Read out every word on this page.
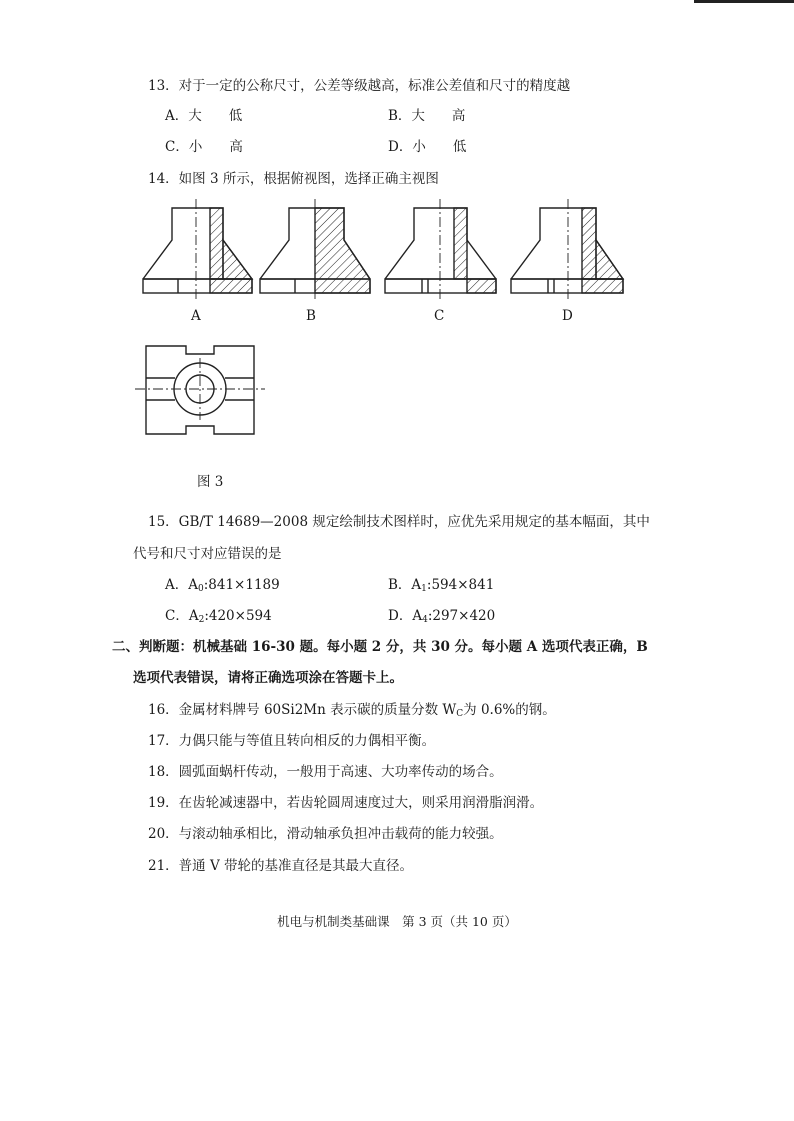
13．对于一定的公称尺寸，公差等级越高，标准公差值和尺寸的精度越
A．大　　低	B．大　　高
C．小　　高	D．小　　低
14．如图 3 所示，根据俯视图，选择正确主视图
A	B	C	D
图 3
15．GB/T 14689—2008 规定绘制技术图样时，应优先采用规定的基本幅面，其中
代号和尺寸对应错误的是
A．$A_0:841\times 1189$	B．$A_1:594\times 841$
C．$A_2:420\times 594$	D．$A_4:297\times 420$
二、判断题：机械基础 16-30 题。每小题 2 分，共 30 分。每小题 A 选项代表正确，B
选项代表错误，请将正确选项涂在答题卡上。
16．金属材料牌号 60Si2Mn 表示碳的质量分数 $W_C$为 0.6%的钢。
17．力偶只能与等值且转向相反的力偶相平衡。
18．圆弧面蜗杆传动，一般用于高速、大功率传动的场合。
19．在齿轮减速器中，若齿轮圆周速度过大，则采用润滑脂润滑。
20．与滚动轴承相比，滑动轴承负担冲击载荷的能力较强。
21．普通 V 带轮的基准直径是其最大直径。
机电与机制类基础课　第 3 页（共 10 页）
